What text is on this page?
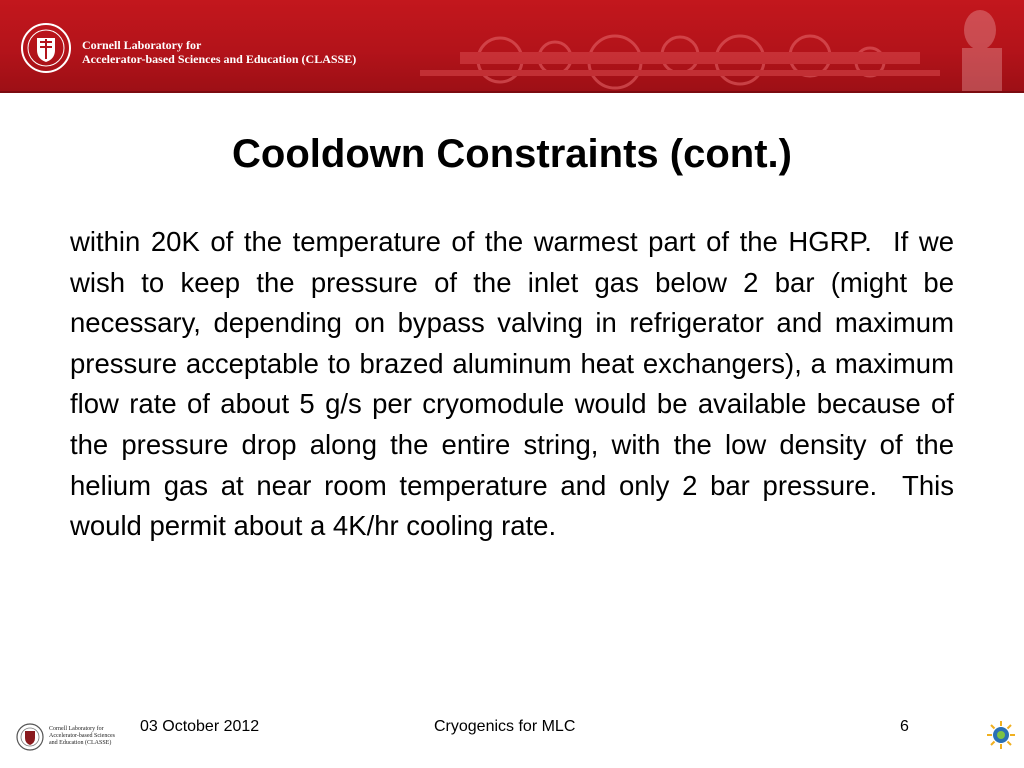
Cornell Laboratory for
Accelerator-based Sciences and Education (CLASSE)
Cooldown Constraints (cont.)
within 20K of the temperature of the warmest part of the HGRP.  If we wish to keep the pressure of the inlet gas below 2 bar (might be necessary, depending on bypass valving in refrigerator and maximum pressure acceptable to brazed aluminum heat exchangers), a maximum flow rate of about 5 g/s per cryomodule would be available because of the pressure drop along the entire string, with the low density of the helium gas at near room temperature and only 2 bar pressure.  This would permit about a 4K/hr cooling rate.
Cornell Laboratory for
Accelerator-based Sciences
and Education (CLASSE)
03 October 2012	Cryogenics for MLC	6
